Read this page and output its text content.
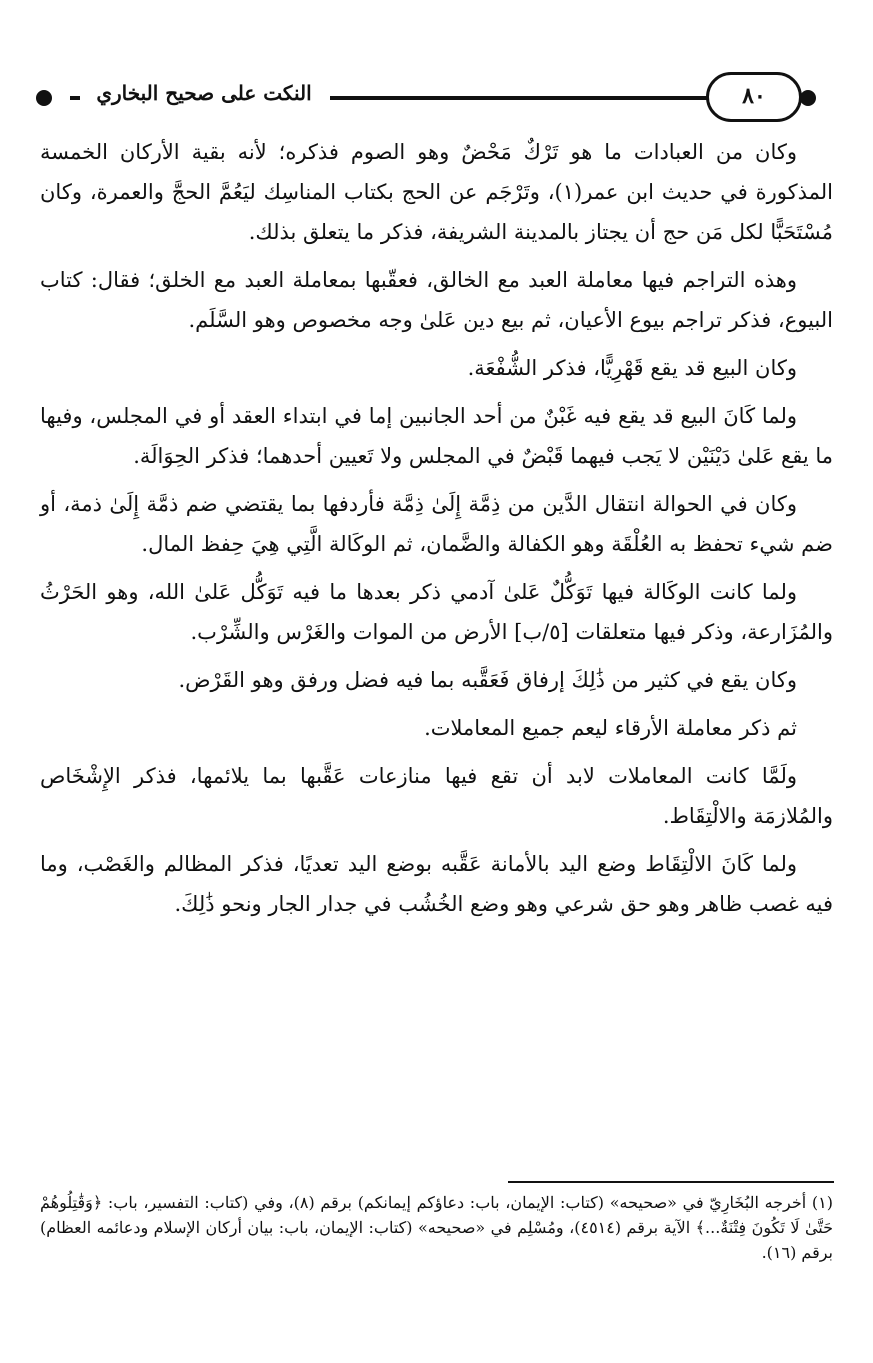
النكت على صحيح البخاري	٨٠

وكان من العبادات ما هو تَرْكٌ مَحْضٌ وهو الصوم فذكره؛ لأنه بقية الأركان الخمسة المذكورة في حديث ابن عمر(١)، وتَرْجَم عن الحج بكتاب المناسِك ليَعُمَّ الحجَّ والعمرة، وكان مُسْتَحَبًّا لكل مَن حج أن يجتاز بالمدينة الشريفة، فذكر ما يتعلق بذلك.

وهذه التراجم فيها معاملة العبد مع الخالق، فعقّبها بمعاملة العبد مع الخلق؛ فقال: كتاب البيوع، فذكر تراجم بيوع الأعيان، ثم بيع دين عَلىٰ وجه مخصوص وهو السَّلَم.

وكان البيع قد يقع قَهْرِيًّا، فذكر الشُّفْعَة.

ولما كَانَ البيع قد يقع فيه غَبْنٌ من أحد الجانبين إما في ابتداء العقد أو في المجلس، وفيها ما يقع عَلىٰ دَيْنَيْن لا يَجب فيهما قَبْضٌ في المجلس ولا تَعيين أحدهما؛ فذكر الحِوَالَة.

وكان في الحوالة انتقال الدَّين من ذِمَّة إِلَىٰ ذِمَّة فأردفها بما يقتضي ضم ذمَّة إِلَىٰ ذمة، أو ضم شيء تحفظ به العُلْقَة وهو الكفالة والضَّمان، ثم الوكَالة الَّتِي هِيَ حِفظ المال.

ولما كانت الوكَالة فيها تَوَكُّلٌ عَلىٰ آدمي ذكر بعدها ما فيه تَوَكُّل عَلىٰ الله، وهو الحَرْثُ والمُزَارعة، وذكر فيها متعلقات [٥/ب] الأرض من الموات والغَرْس والشِّرْب.

وكان يقع في كثير من ذَٰلِكَ إرفاق فَعَقَّبه بما فيه فضل ورفق وهو القَرْض.

ثم ذكر معاملة الأرقاء ليعم جميع المعاملات.

ولَمَّا كانت المعاملات لابد أن تقع فيها منازعات عَقَّبها بما يلائمها، فذكر الإِشْخَاص والمُلازمَة والالْتِقَاط.

ولما كَانَ الالْتِقَاط وضع اليد بالأمانة عَقَّبه بوضع اليد تعديًا، فذكر المظالم والغَصْب، وما فيه غصب ظاهر وهو حق شرعي وهو وضع الخُشُب في جدار الجار ونحو ذَٰلِكَ.

(١) أخرجه البُخَارِيّ في «صحيحه» (كتاب: الإيمان، باب: دعاؤكم إيمانكم) برقم (٨)، وفي (كتاب: التفسير، باب: ﴿وَقَٰتِلُوهُمْ حَتَّىٰ لَا تَكُونَ فِتْنَةٌ...﴾ الآية برقم (٤٥١٤)، ومُسْلِم في «صحيحه» (كتاب: الإيمان، باب: بيان أركان الإسلام ودعائمه العظام) برقم (١٦).
